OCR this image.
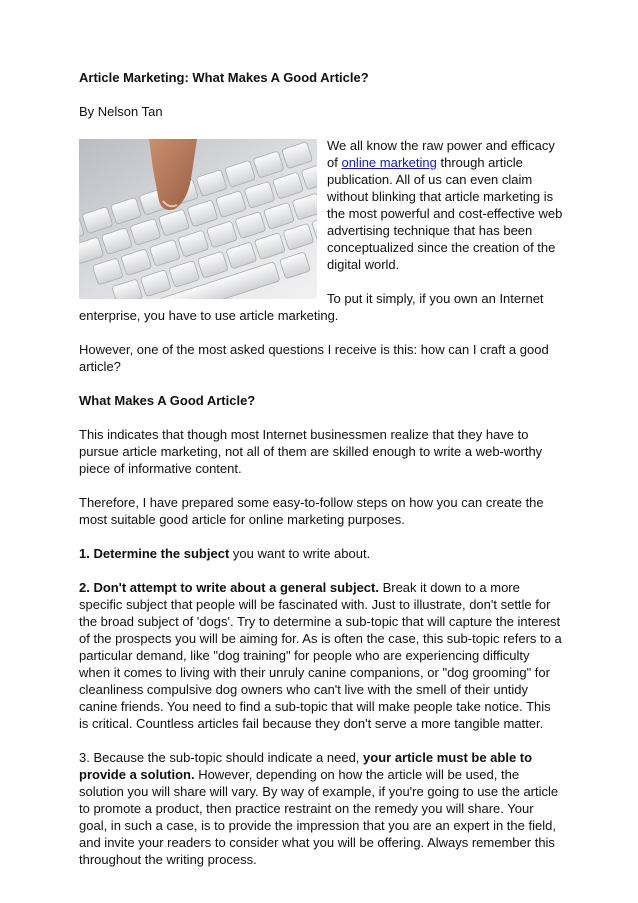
Article Marketing: What Makes A Good Article?

By Nelson Tan

We all know the raw power and efficacy of online marketing through article publication. All of us can even claim without blinking that article marketing is the most powerful and cost-effective web advertising technique that has been conceptualized since the creation of the digital world.

To put it simply, if you own an Internet enterprise, you have to use article marketing.

However, one of the most asked questions I receive is this: how can I craft a good article?

What Makes A Good Article?

This indicates that though most Internet businessmen realize that they have to pursue article marketing, not all of them are skilled enough to write a web-worthy piece of informative content.

Therefore, I have prepared some easy-to-follow steps on how you can create the most suitable good article for online marketing purposes.

1. Determine the subject you want to write about.

2. Don't attempt to write about a general subject. Break it down to a more specific subject that people will be fascinated with. Just to illustrate, don't settle for the broad subject of 'dogs'. Try to determine a sub-topic that will capture the interest of the prospects you will be aiming for. As is often the case, this sub-topic refers to a particular demand, like "dog training" for people who are experiencing difficulty when it comes to living with their unruly canine companions, or "dog grooming" for cleanliness compulsive dog owners who can't live with the smell of their untidy canine friends. You need to find a sub-topic that will make people take notice. This is critical. Countless articles fail because they don't serve a more tangible matter.

3. Because the sub-topic should indicate a need, your article must be able to provide a solution. However, depending on how the article will be used, the solution you will share will vary. By way of example, if you're going to use the article to promote a product, then practice restraint on the remedy you will share. Your goal, in such a case, is to provide the impression that you are an expert in the field, and invite your readers to consider what you will be offering. Always remember this throughout the writing process.
